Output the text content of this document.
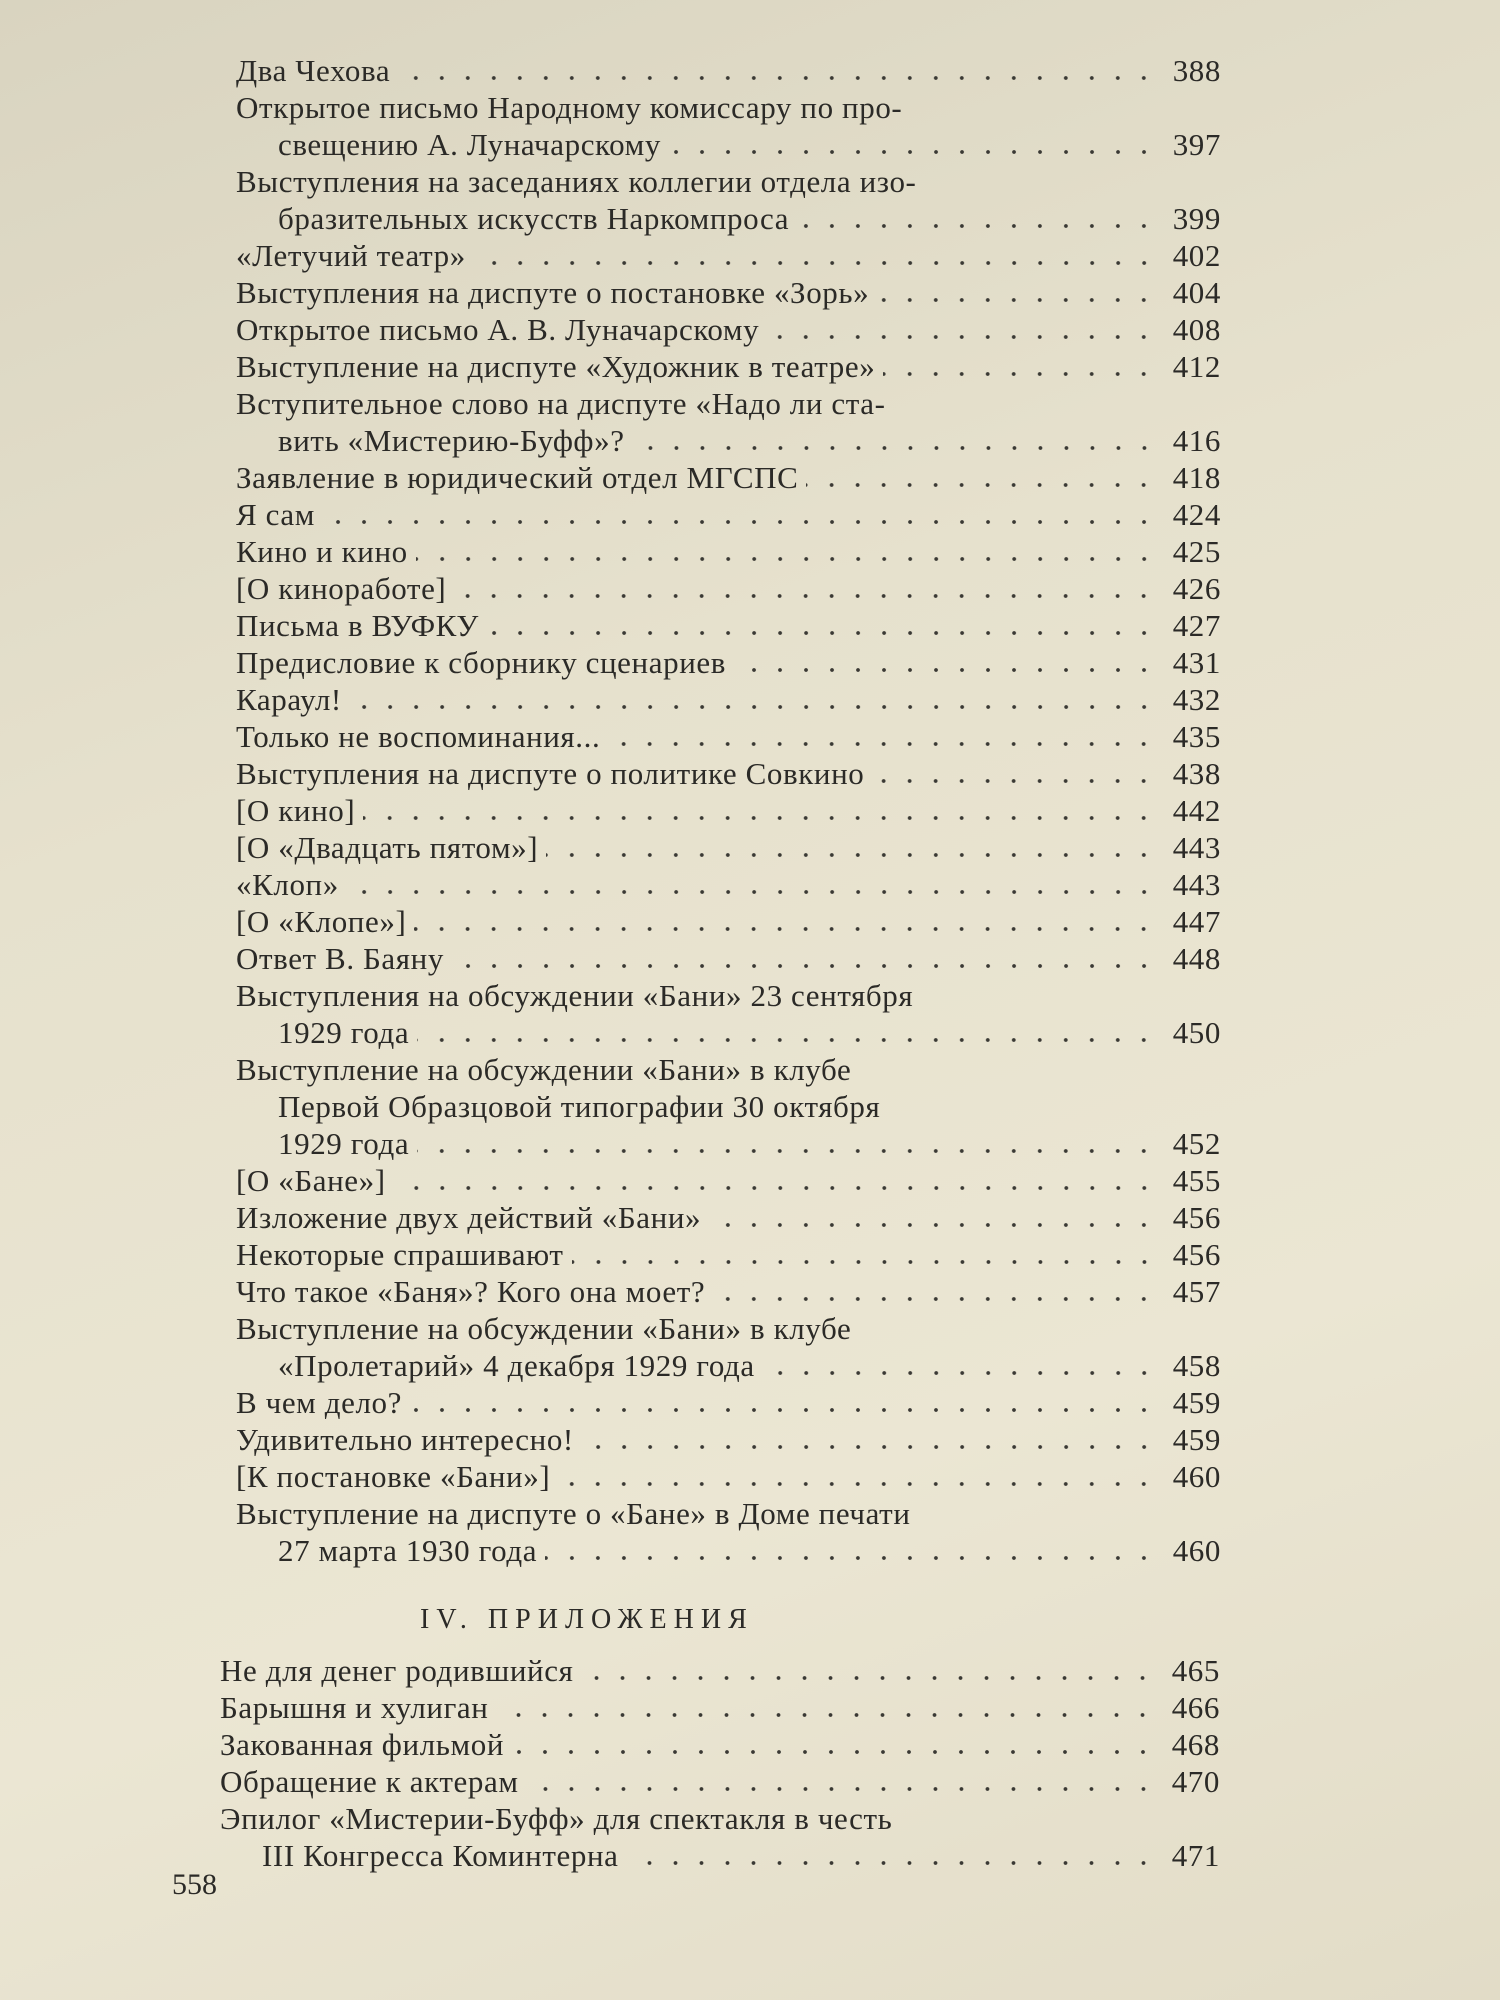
Два Чехова	388
Открытое письмо Народному комиссару по про-
свещению А. Луначарскому	397
Выступления на заседаниях коллегии отдела изо-
бразительных искусств Наркомпроса	399
«Летучий театр»	402
Выступления на диспуте о постановке «Зорь»	404
Открытое письмо А. В. Луначарскому	408
Выступление на диспуте «Художник в театре»	412
Вступительное слово на диспуте «Надо ли ста-
вить «Мистерию-Буфф»?	416
Заявление в юридический отдел МГСПС	418
Я сам	424
Кино и кино	425
[О киноработе]	426
Письма в ВУФКУ	427
Предисловие к сборнику сценариев	431
Караул!	432
Только не воспоминания...	435
Выступления на диспуте о политике Совкино	438
[О кино]	442
[О «Двадцать пятом»]	443
«Клоп»	443
[О «Клопе»]	447
Ответ В. Баяну	448
Выступления на обсуждении «Бани» 23 сентября
1929 года	450
Выступление на обсуждении «Бани» в клубе
Первой Образцовой типографии 30 октября
1929 года	452
[О «Бане»]	455
Изложение двух действий «Бани»	456
Некоторые спрашивают	456
Что такое «Баня»? Кого она моет?	457
Выступление на обсуждении «Бани» в клубе
«Пролетарий» 4 декабря 1929 года	458
В чем дело?	459
Удивительно интересно!	459
[К постановке «Бани»]	460
Выступление на диспуте о «Бане» в Доме печати
27 марта 1930 года	460
IV. ПРИЛОЖЕНИЯ
Не для денег родившийся	465
Барышня и хулиган	466
Закованная фильмой	468
Обращение к актерам	470
Эпилог «Мистерии-Буфф» для спектакля в честь
III Конгресса Коминтерна	471
558
